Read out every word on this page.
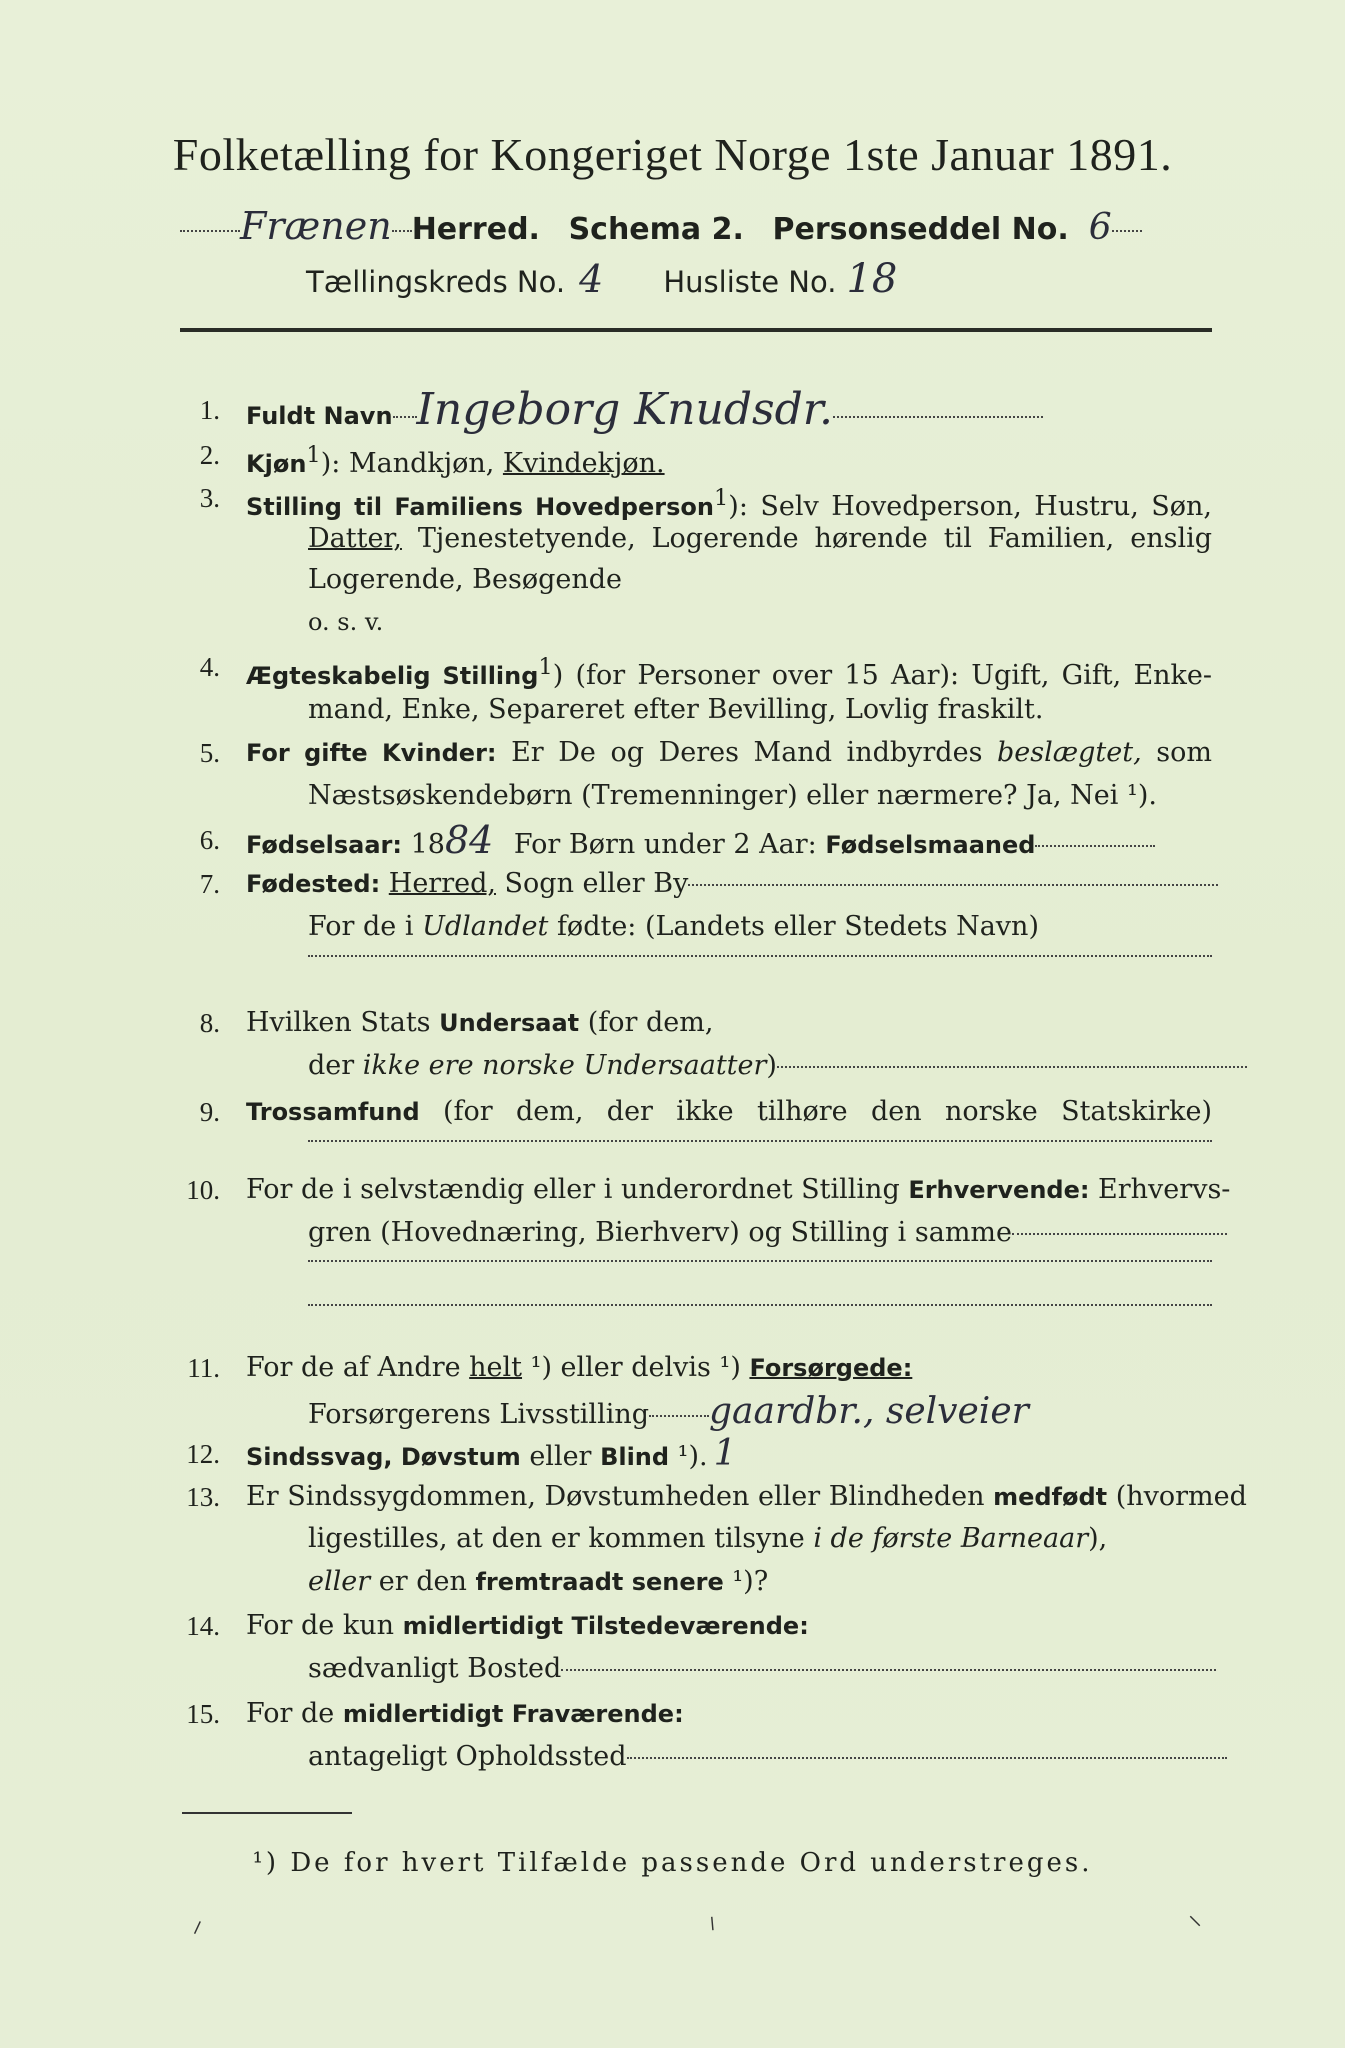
Folketælling for Kongeriget Norge 1ste Januar 1891.
Frænen Herred. Schema 2. Personseddel No. 6
Tællingskreds No. 4 Husliste No. 18
1. Fuldt Navn Ingeborg Knudsdr.
2. Kjøn$^1$): Mandkjøn, Kvindekjøn.
3. Stilling til Familiens Hovedperson$^1$): Selv Hovedperson, Hustru, Søn,
Datter, Tjenestetyende, Logerende hørende til Familien, enslig
Logerende, Besøgende
o. s. v.
4. Ægteskabelig Stilling$^1$) (for Personer over 15 Aar): Ugift, Gift, Enke-
mand, Enke, Separeret efter Bevilling, Lovlig fraskilt.
5. For gifte Kvinder: Er De og Deres Mand indbyrdes beslægtet, som
Næstsøskendebørn (Tremenninger) eller nærmere? Ja, Nei ¹).
6. Fødselsaar: 1884 For Børn under 2 Aar: Fødselsmaaned
7. Fødested: Herred, Sogn eller By
For de i Udlandet fødte: (Landets eller Stedets Navn)
8. Hvilken Stats Undersaat (for dem,
der ikke ere norske Undersaatter)
9. Trossamfund (for dem, der ikke tilhøre den norske Statskirke)
10. For de i selvstændig eller i underordnet Stilling Erhvervende: Erhvervs-
gren (Hovednæring, Bierhverv) og Stilling i samme
11. For de af Andre helt ¹) eller delvis ¹) Forsørgede:
Forsørgerens Livsstilling gaardbr., selveier
12. Sindssvag, Døvstum eller Blind ¹). 1
13. Er Sindssygdommen, Døvstumheden eller Blindheden medfødt (hvormed
ligestilles, at den er kommen tilsyne i de første Barneaar),
eller er den fremtraadt senere ¹)?
14. For de kun midlertidigt Tilstedeværende:
sædvanligt Bosted
15. For de midlertidigt Fraværende:
antageligt Opholdssted
¹) De for hvert Tilfælde passende Ord understreges.
⸝	⸝	⸜
